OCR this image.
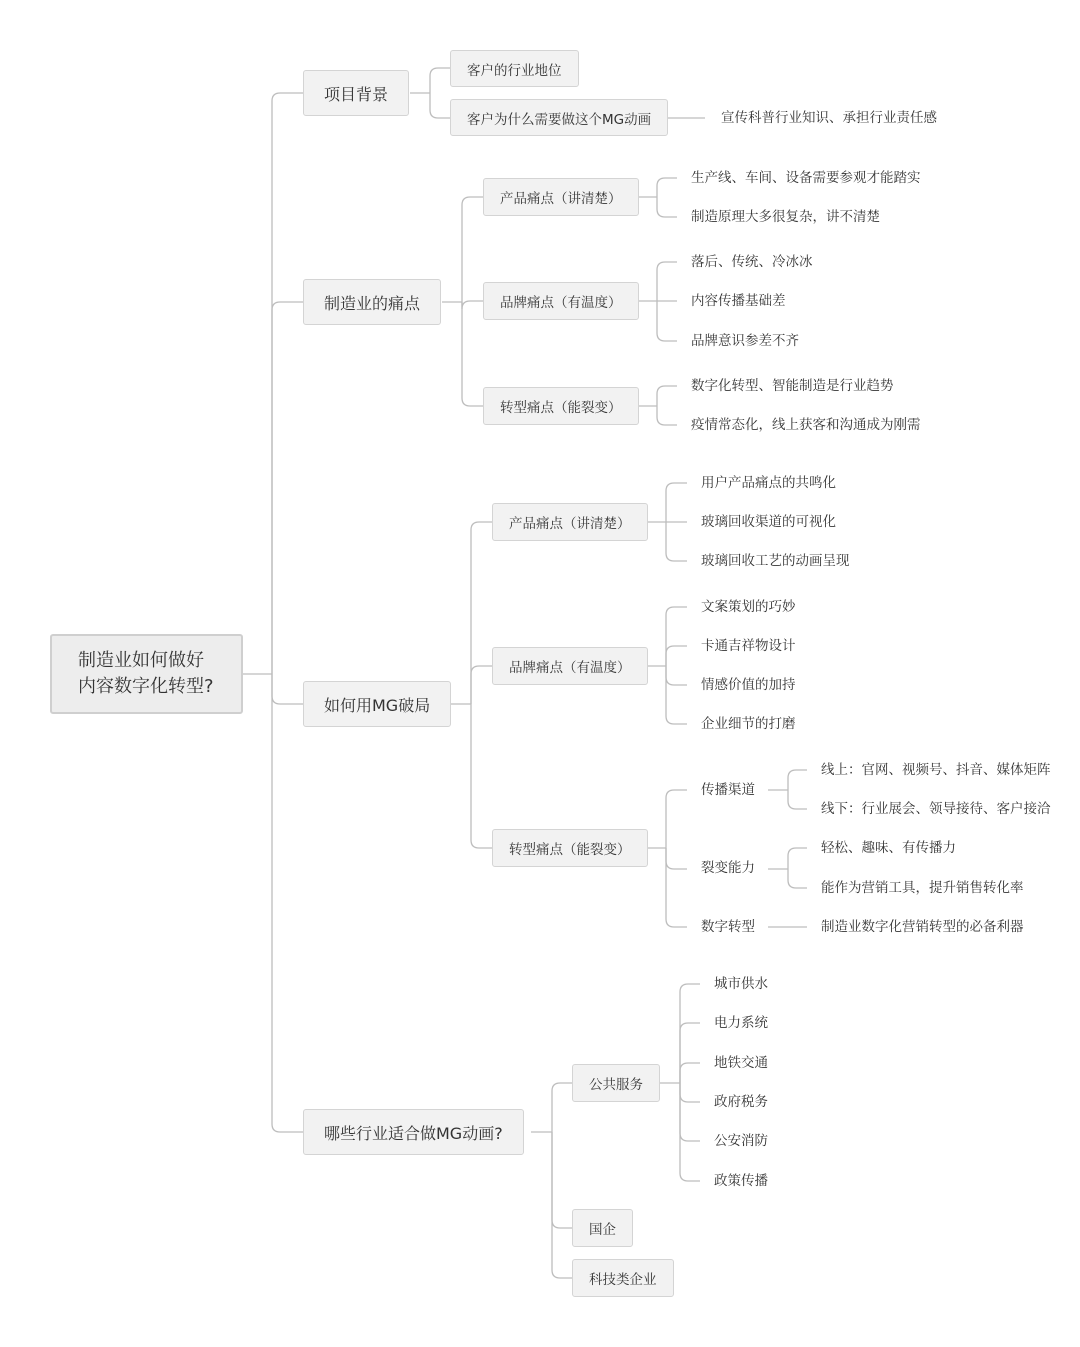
制造业如何做好
内容数字化转型?
项目背景
客户的行业地位
客户为什么需要做这个MG动画	宣传科普行业知识、承担行业责任感
制造业的痛点
产品痛点（讲清楚）
品牌痛点（有温度）
转型痛点（能裂变）
生产线、车间、设备需要参观才能踏实
制造原理大多很复杂，讲不清楚
落后、传统、冷冰冰
内容传播基础差
品牌意识参差不齐
数字化转型、智能制造是行业趋势
疫情常态化，线上获客和沟通成为刚需
如何用MG破局
产品痛点（讲清楚）
品牌痛点（有温度）
转型痛点（能裂变）
用户产品痛点的共鸣化
玻璃回收渠道的可视化
玻璃回收工艺的动画呈现
文案策划的巧妙
卡通吉祥物设计
情感价值的加持
企业细节的打磨
传播渠道
裂变能力
数字转型
线上：官网、视频号、抖音、媒体矩阵
线下：行业展会、领导接待、客户接洽
轻松、趣味、有传播力
能作为营销工具，提升销售转化率
制造业数字化营销转型的必备利器
哪些行业适合做MG动画?
公共服务
国企
科技类企业
城市供水
电力系统
地铁交通
政府税务
公安消防
政策传播
